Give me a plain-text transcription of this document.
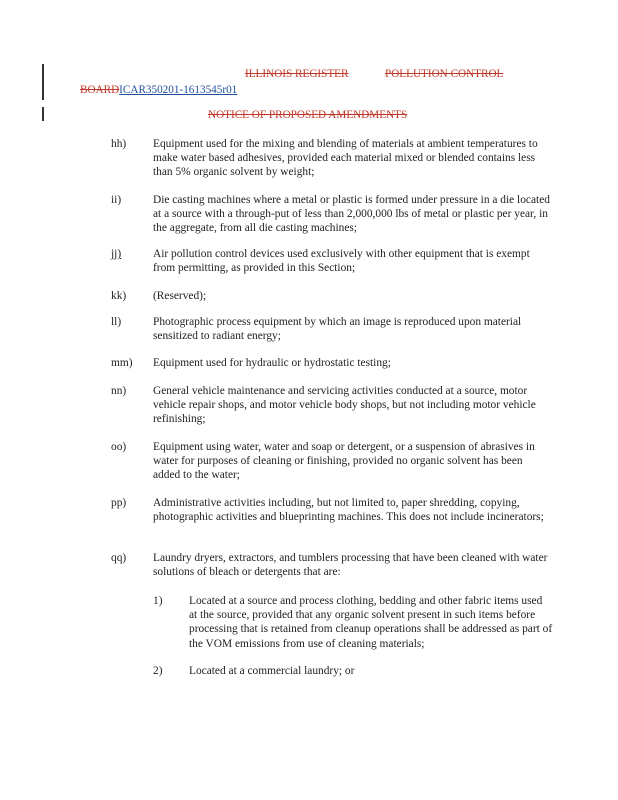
ILLINOIS REGISTER	POLLUTION CONTROL
BOARDICAR350201-1613545r01
NOTICE OF PROPOSED AMENDMENTS
hh)	Equipment used for the mixing and blending of materials at ambient temperatures to make water based adhesives, provided each material mixed or blended contains less than 5% organic solvent by weight;
ii)	Die casting machines where a metal or plastic is formed under pressure in a die located at a source with a through-put of less than 2,000,000 lbs of metal or plastic per year, in the aggregate, from all die casting machines;
jj)	Air pollution control devices used exclusively with other equipment that is exempt from permitting, as provided in this Section;
kk)	(Reserved);
ll)	Photographic process equipment by which an image is reproduced upon material sensitized to radiant energy;
mm)	Equipment used for hydraulic or hydrostatic testing;
nn)	General vehicle maintenance and servicing activities conducted at a source, motor vehicle repair shops, and motor vehicle body shops, but not including motor vehicle refinishing;
oo)	Equipment using water, water and soap or detergent, or a suspension of abrasives in water for purposes of cleaning or finishing, provided no organic solvent has been added to the water;
pp)	Administrative activities including, but not limited to, paper shredding, copying, photographic activities and blueprinting machines. This does not include incinerators;
qq)	Laundry dryers, extractors, and tumblers processing that have been cleaned with water solutions of bleach or detergents that are:
1)	Located at a source and process clothing, bedding and other fabric items used at the source, provided that any organic solvent present in such items before processing that is retained from cleanup operations shall be addressed as part of the VOM emissions from use of cleaning materials;
2)	Located at a commercial laundry; or
